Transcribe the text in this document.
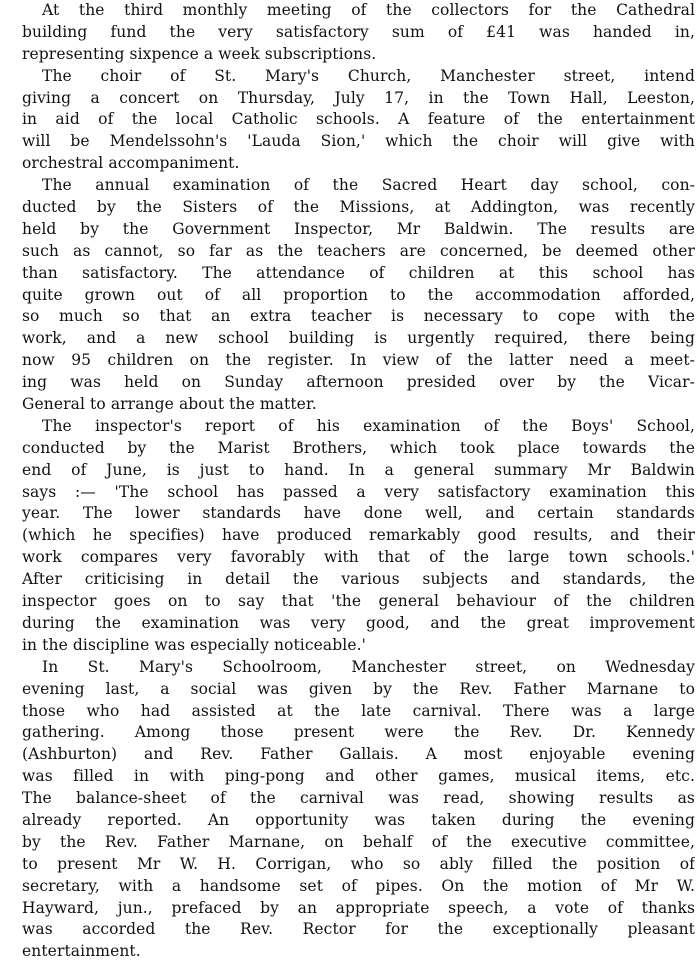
At the third monthly meeting of the collectors for the Cathedral
building fund the very satisfactory sum of £41 was handed in,
representing sixpence a week subscriptions.
The choir of St. Mary's Church, Manchester street, intend
giving a concert on Thursday, July 17, in the Town Hall, Leeston,
in aid of the local Catholic schools. A feature of the entertainment
will be Mendelssohn's 'Lauda Sion,' which the choir will give with
orchestral accompaniment.
The annual examination of the Sacred Heart day school, con-
ducted by the Sisters of the Missions, at Addington, was recently
held by the Government Inspector, Mr Baldwin. The results are
such as cannot, so far as the teachers are concerned, be deemed other
than satisfactory. The attendance of children at this school has
quite grown out of all proportion to the accommodation afforded,
so much so that an extra teacher is necessary to cope with the
work, and a new school building is urgently required, there being
now 95 children on the register. In view of the latter need a meet-
ing was held on Sunday afternoon presided over by the Vicar-
General to arrange about the matter.
The inspector's report of his examination of the Boys' School,
conducted by the Marist Brothers, which took place towards the
end of June, is just to hand. In a general summary Mr Baldwin
says :— 'The school has passed a very satisfactory examination this
year. The lower standards have done well, and certain standards
(which he specifies) have produced remarkably good results, and their
work compares very favorably with that of the large town schools.'
After criticising in detail the various subjects and standards, the
inspector goes on to say that 'the general behaviour of the children
during the examination was very good, and the great improvement
in the discipline was especially noticeable.'
In St. Mary's Schoolroom, Manchester street, on Wednesday
evening last, a social was given by the Rev. Father Marnane to
those who had assisted at the late carnival. There was a large
gathering. Among those present were the Rev. Dr. Kennedy
(Ashburton) and Rev. Father Gallais. A most enjoyable evening
was filled in with ping-pong and other games, musical items, etc.
The balance-sheet of the carnival was read, showing results as
already reported. An opportunity was taken during the evening
by the Rev. Father Marnane, on behalf of the executive committee,
to present Mr W. H. Corrigan, who so ably filled the position of
secretary, with a handsome set of pipes. On the motion of Mr W.
Hayward, jun., prefaced by an appropriate speech, a vote of thanks
was accorded the Rev. Rector for the exceptionally pleasant
entertainment.
